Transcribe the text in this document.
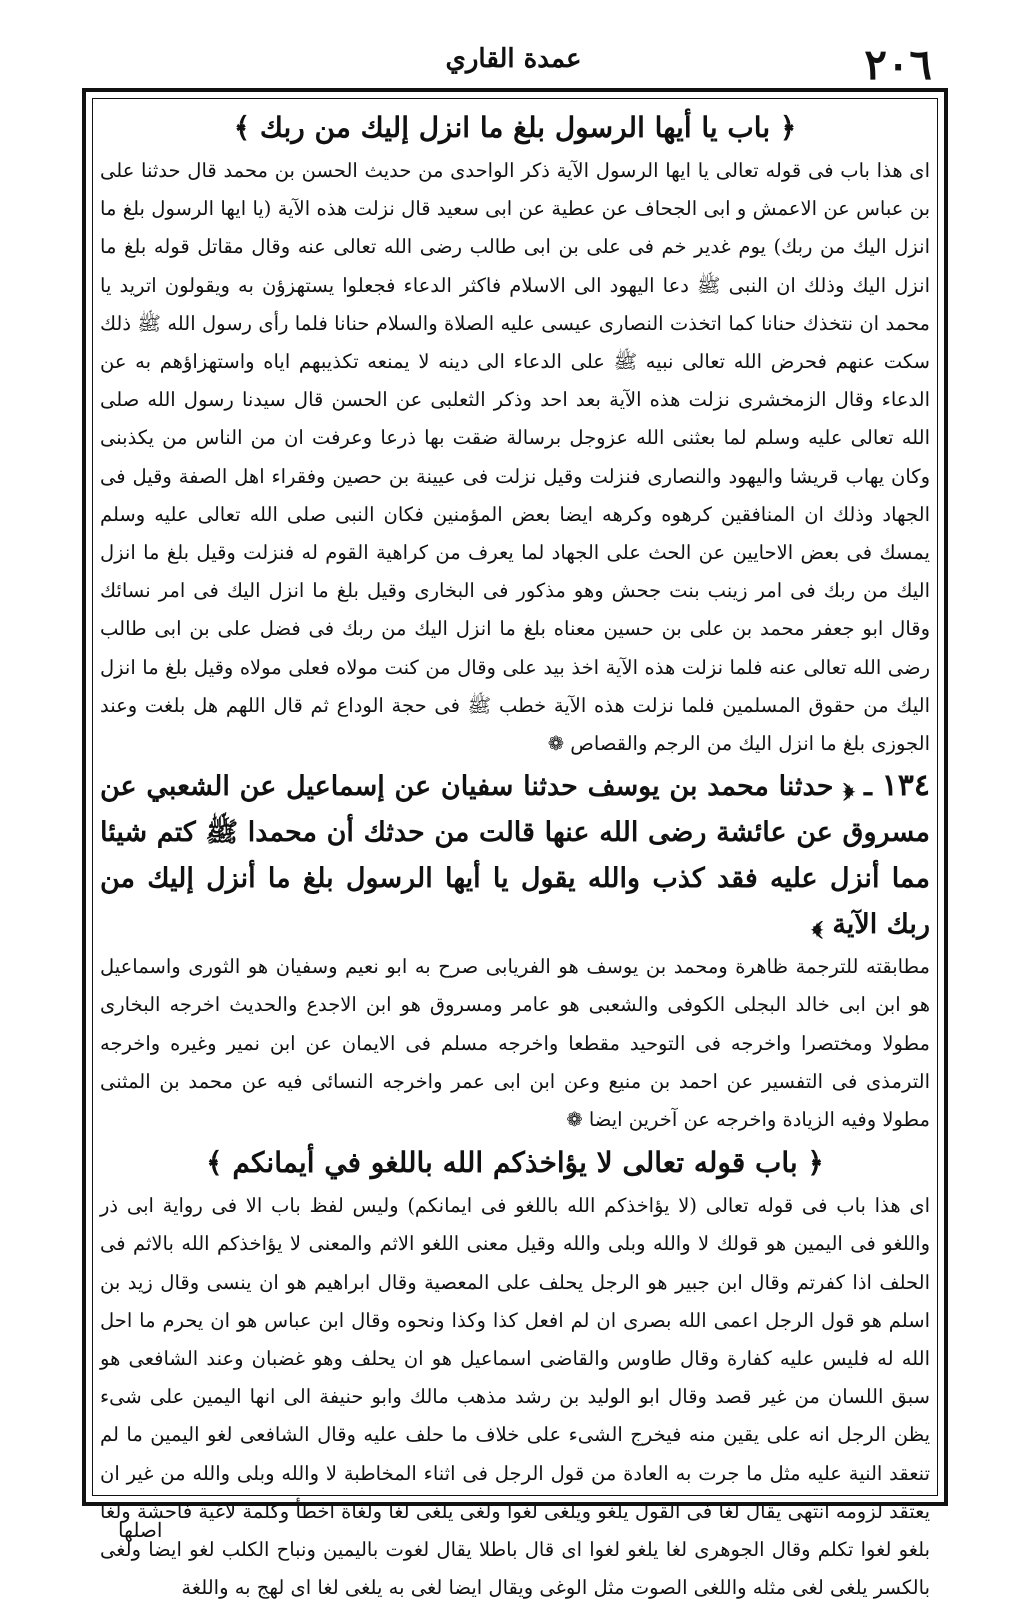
٢٠٦
عمدة القاري
﴿ باب يا أيها الرسول بلغ ما انزل إليك من ربك ﴾

اى هذا باب فى قوله تعالى يا ايها الرسول الآية ذكر الواحدى من حديث الحسن بن محمد قال حدثنا على بن عباس عن الاعمش و ابى الجحاف عن عطية عن ابى سعيد قال نزلت هذه الآية (يا ايها الرسول بلغ ما انزل اليك من ربك) يوم غدير خم فى على بن ابى طالب رضى الله تعالى عنه وقال مقاتل قوله بلغ ما انزل اليك وذلك ان النبى ﷺ دعا اليهود الى الاسلام فاكثر الدعاء فجعلوا يستهزؤن به ويقولون اتريد يا محمد ان نتخذك حنانا كما اتخذت النصارى عيسى عليه الصلاة والسلام حنانا فلما رأى رسول الله ﷺ ذلك سكت عنهم فحرض الله تعالى نبيه ﷺ على الدعاء الى دينه لا يمنعه تكذيبهم اياه واستهزاؤهم به عن الدعاء وقال الزمخشرى نزلت هذه الآية بعد احد وذكر الثعلبى عن الحسن قال سيدنا رسول الله صلى الله تعالى عليه وسلم لما بعثنى الله عزوجل برسالة ضقت بها ذرعا وعرفت ان من الناس من يكذبنى وكان يهاب قريشا واليهود والنصارى فنزلت وقيل نزلت فى عيينة بن حصين وفقراء اهل الصفة وقيل فى الجهاد وذلك ان المنافقين كرهوه وكرهه ايضا بعض المؤمنين فكان النبى صلى الله تعالى عليه وسلم يمسك فى بعض الاحايين عن الحث على الجهاد لما يعرف من كراهية القوم له فنزلت وقيل بلغ ما انزل اليك من ربك فى امر زينب بنت جحش وهو مذكور فى البخارى وقيل بلغ ما انزل اليك فى امر نسائك وقال ابو جعفر محمد بن على بن حسين معناه بلغ ما انزل اليك من ربك فى فضل على بن ابى طالب رضى الله تعالى عنه فلما نزلت هذه الآية اخذ بيد على وقال من كنت مولاه فعلى مولاه وقيل بلغ ما انزل اليك من حقوق المسلمين فلما نزلت هذه الآية خطب ﷺ فى حجة الوداع ثم قال اللهم هل بلغت وعند الجوزى بلغ ما انزل اليك من الرجم والقصاص ❁

١٣٤ ـ ﴿ حدثنا محمد بن يوسف حدثنا سفيان عن إسماعيل عن الشعبي عن مسروق عن عائشة رضى الله عنها قالت من حدثك أن محمدا ﷺ كتم شيئا مما أنزل عليه فقد كذب والله يقول يا أيها الرسول بلغ ما أنزل إليك من ربك الآية ﴾

مطابقته للترجمة ظاهرة ومحمد بن يوسف هو الفريابى صرح به ابو نعيم وسفيان هو الثورى واسماعيل هو ابن ابى خالد البجلى الكوفى والشعبى هو عامر ومسروق هو ابن الاجدع والحديث اخرجه البخارى مطولا ومختصرا واخرجه فى التوحيد مقطعا واخرجه مسلم فى الايمان عن ابن نمير وغيره واخرجه الترمذى فى التفسير عن احمد بن منيع وعن ابن ابى عمر واخرجه النسائى فيه عن محمد بن المثنى مطولا وفيه الزيادة واخرجه عن آخرين ايضا ❁

﴿ باب قوله تعالى لا يؤاخذكم الله باللغو في أيمانكم ﴾

اى هذا باب فى قوله تعالى (لا يؤاخذكم الله باللغو فى ايمانكم) وليس لفظ باب الا فى رواية ابى ذر واللغو فى اليمين هو قولك لا والله وبلى والله وقيل معنى اللغو الاثم والمعنى لا يؤاخذكم الله بالاثم فى الحلف اذا كفرتم وقال ابن جبير هو الرجل يحلف على المعصية وقال ابراهيم هو ان ينسى وقال زيد بن اسلم هو قول الرجل اعمى الله بصرى ان لم افعل كذا وكذا ونحوه وقال ابن عباس هو ان يحرم ما احل الله له فليس عليه كفارة وقال طاوس والقاضى اسماعيل هو ان يحلف وهو غضبان وعند الشافعى هو سبق اللسان من غير قصد وقال ابو الوليد بن رشد مذهب مالك وابو حنيفة الى انها اليمين على شىء يظن الرجل انه على يقين منه فيخرج الشىء على خلاف ما حلف عليه وقال الشافعى لغو اليمين ما لم تنعقد النية عليه مثل ما جرت به العادة من قول الرجل فى اثناء المخاطبة لا والله وبلى والله من غير ان يعتقد لزومه انتهى يقال لغا فى القول يلغو ويلغى لغوا ولغى يلغى لغا ولغاة اخطأ وكلمة لاغية فاحشة ولغا بلغو لغوا تكلم وقال الجوهرى لغا يلغو لغوا اى قال باطلا يقال لغوت باليمين ونباح الكلب لغو ايضا ولغى بالكسر يلغى لغى مثله واللغى الصوت مثل الوغى ويقال ايضا لغى به يلغى لغا اى لهج به واللغة

اصلها
